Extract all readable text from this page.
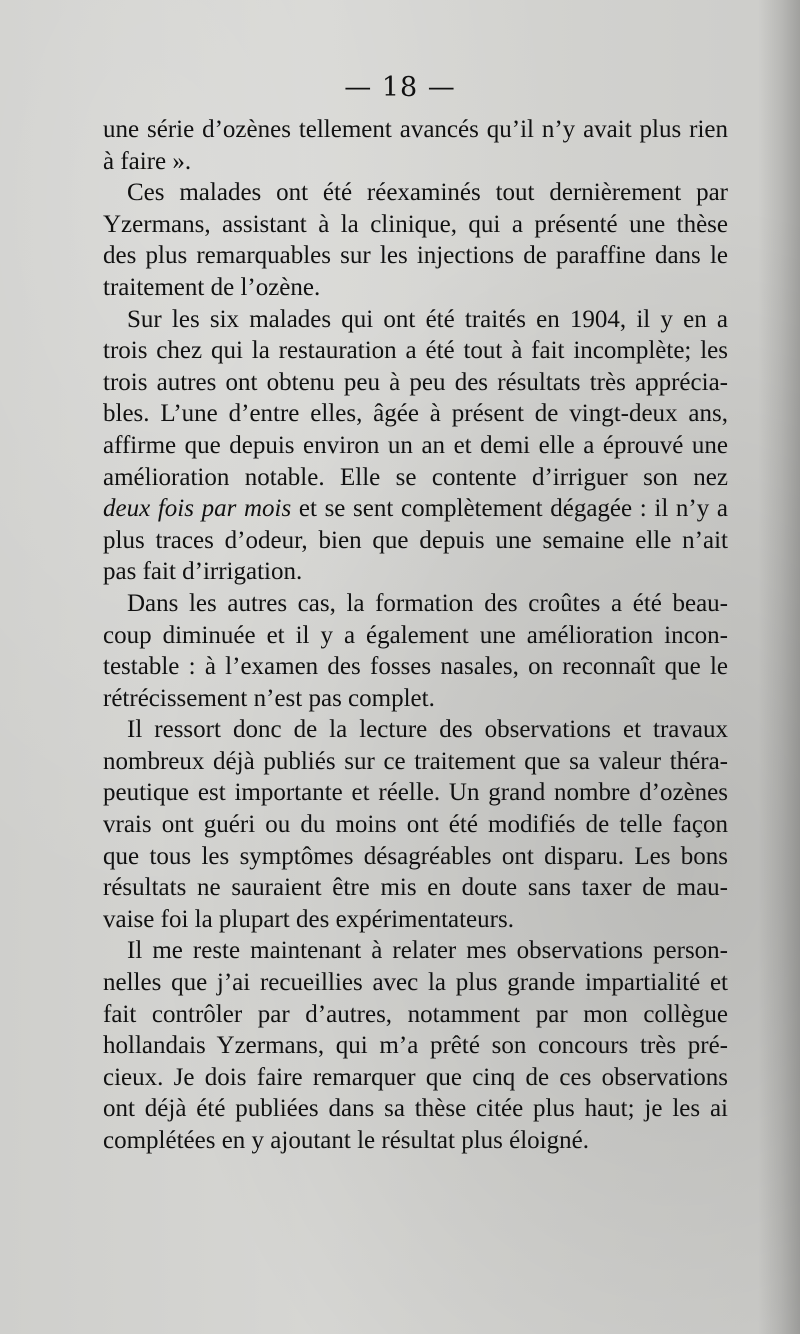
— 18 —
une série d’ozènes tellement avancés qu’il n’y avait plus rien
à faire ».
Ces malades ont été réexaminés tout dernièrement par
Yzermans, assistant à la clinique, qui a présenté une thèse
des plus remarquables sur les injections de paraffine dans le
traitement de l’ozène.
Sur les six malades qui ont été traités en 1904, il y en a
trois chez qui la restauration a été tout à fait incomplète; les
trois autres ont obtenu peu à peu des résultats très apprécia-
bles. L’une d’entre elles, âgée à présent de vingt-deux ans,
affirme que depuis environ un an et demi elle a éprouvé une
amélioration notable. Elle se contente d’irriguer son nez
deux fois par mois et se sent complètement dégagée : il n’y a
plus traces d’odeur, bien que depuis une semaine elle n’ait
pas fait d’irrigation.
Dans les autres cas, la formation des croûtes a été beau-
coup diminuée et il y a également une amélioration incon-
testable : à l’examen des fosses nasales, on reconnaît que le
rétrécissement n’est pas complet.
Il ressort donc de la lecture des observations et travaux
nombreux déjà publiés sur ce traitement que sa valeur théra-
peutique est importante et réelle. Un grand nombre d’ozènes
vrais ont guéri ou du moins ont été modifiés de telle façon
que tous les symptômes désagréables ont disparu. Les bons
résultats ne sauraient être mis en doute sans taxer de mau-
vaise foi la plupart des expérimentateurs.
Il me reste maintenant à relater mes observations person-
nelles que j’ai recueillies avec la plus grande impartialité et
fait contrôler par d’autres, notamment par mon collègue
hollandais Yzermans, qui m’a prêté son concours très pré-
cieux. Je dois faire remarquer que cinq de ces observations
ont déjà été publiées dans sa thèse citée plus haut; je les ai
complétées en y ajoutant le résultat plus éloigné.
